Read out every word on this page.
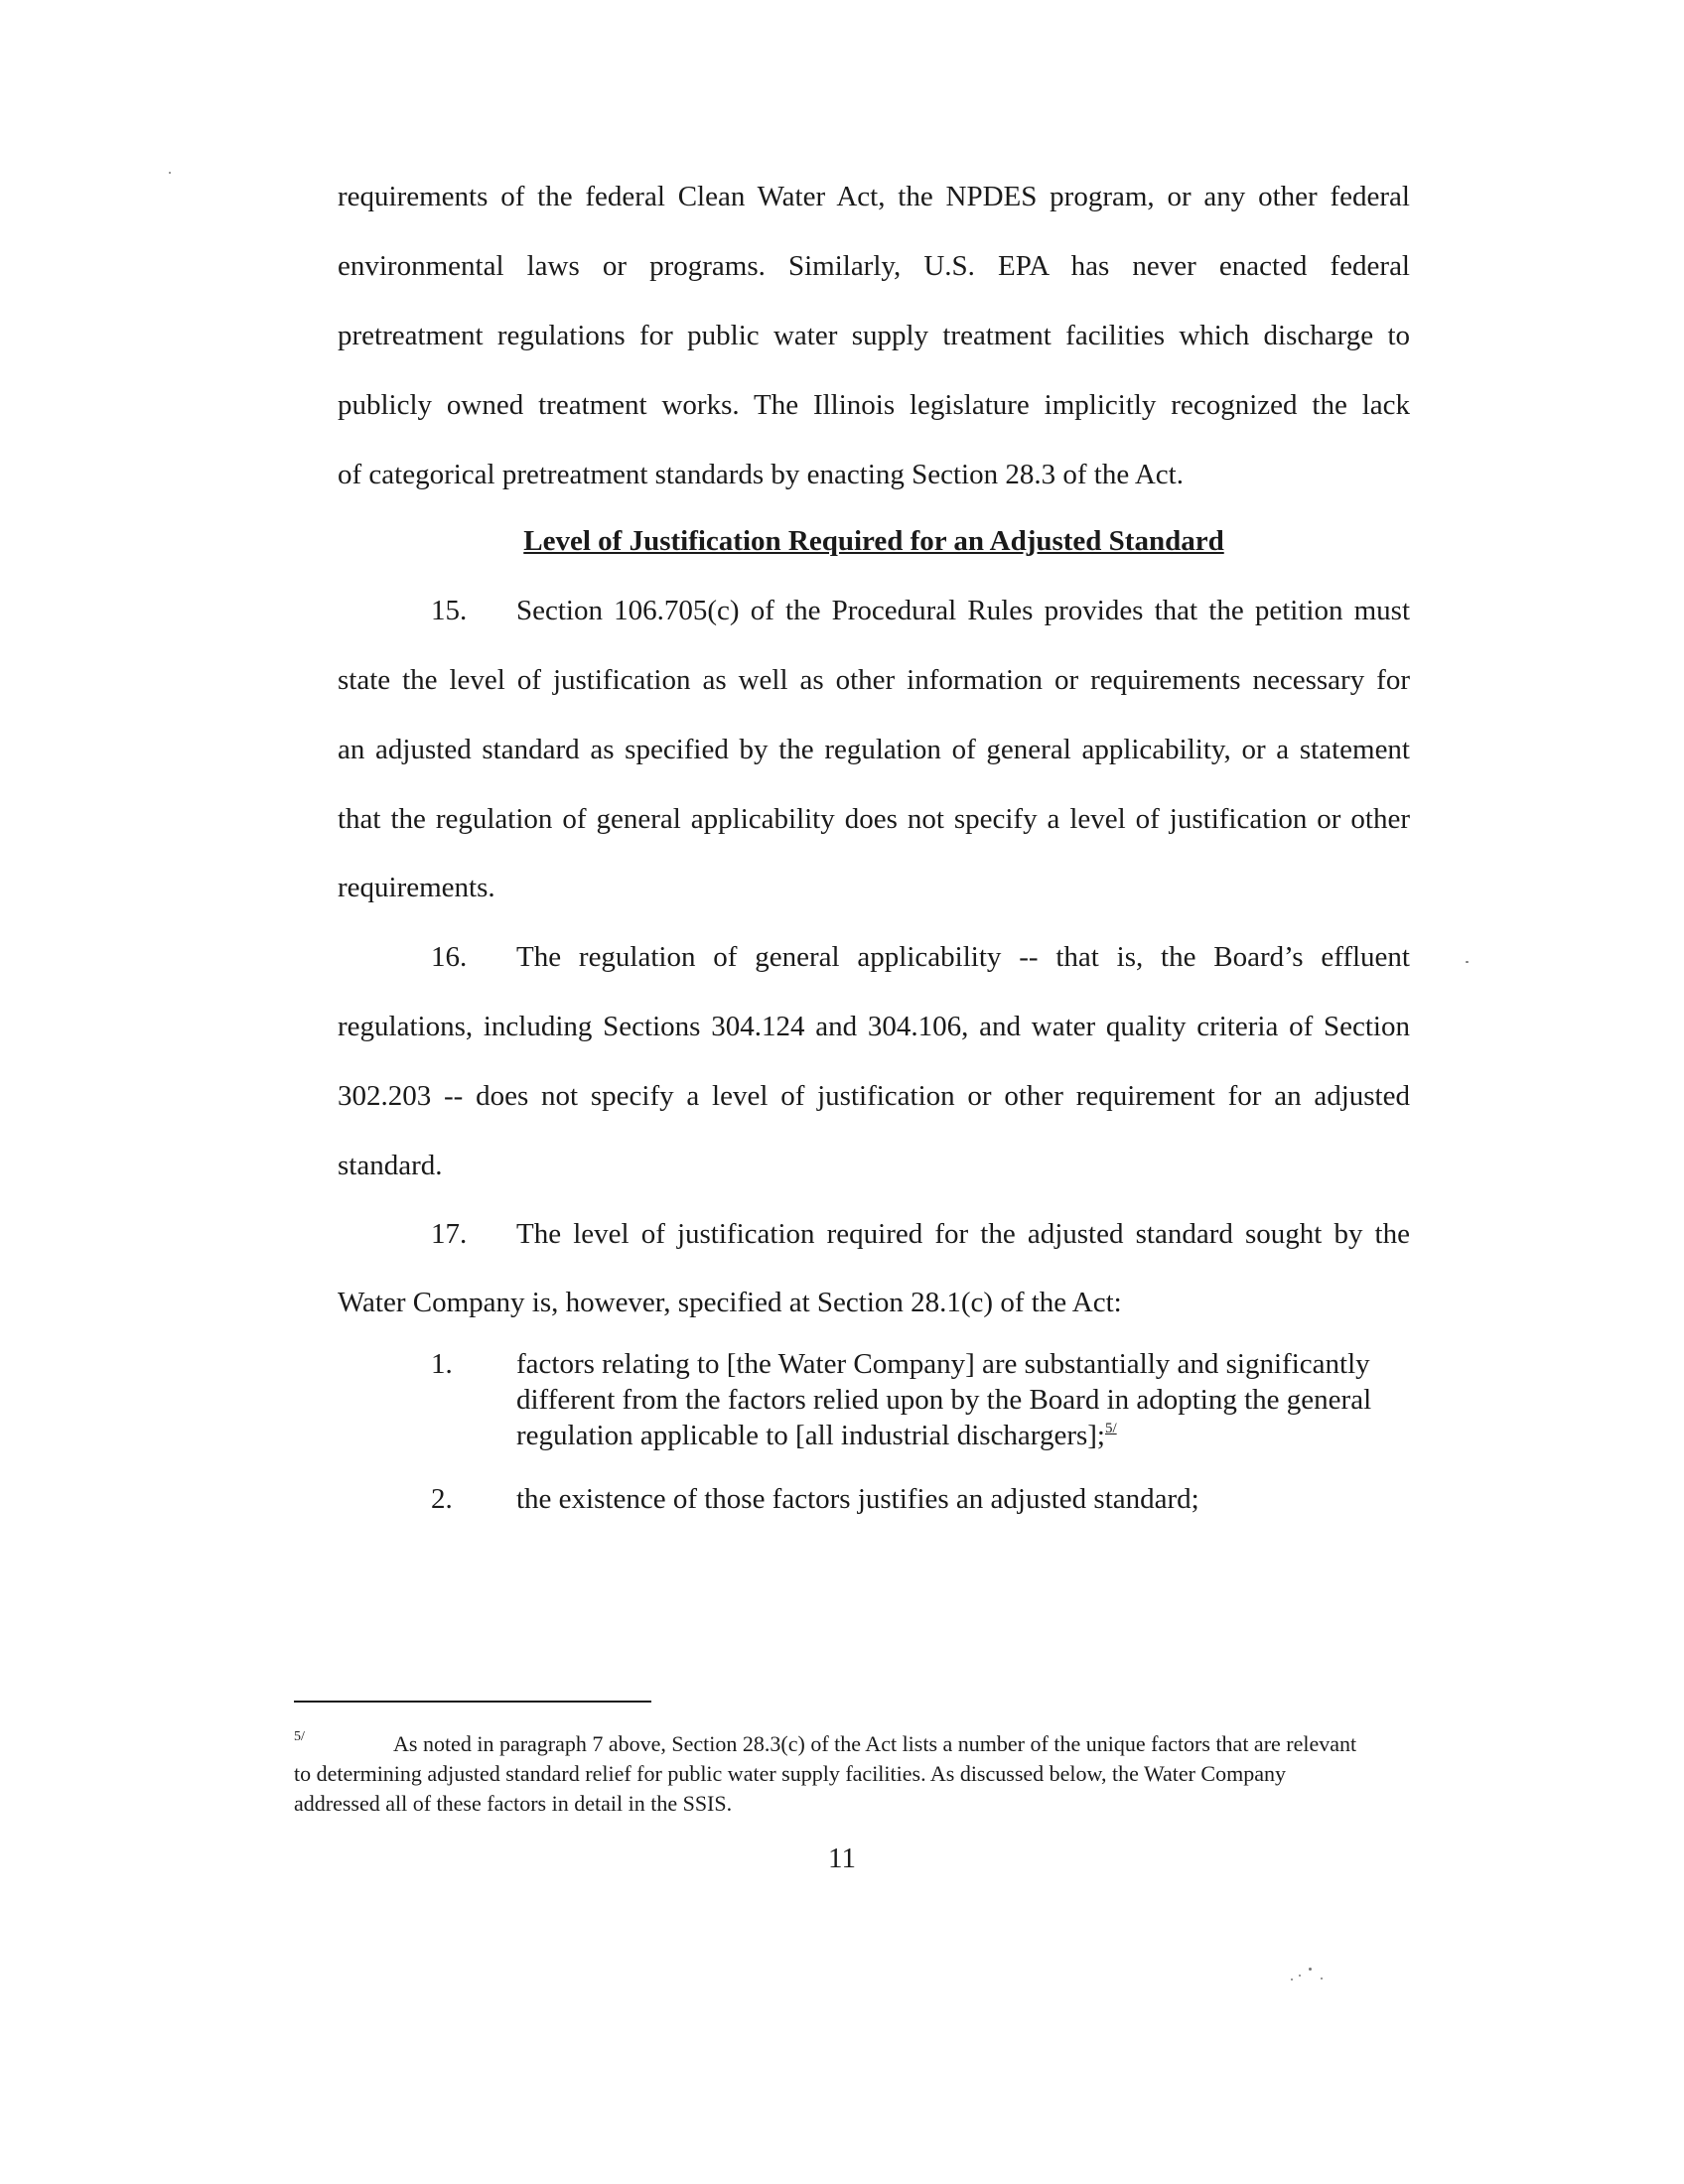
requirements of the federal Clean Water Act, the NPDES program, or any other federal
environmental laws or programs. Similarly, U.S. EPA has never enacted federal
pretreatment regulations for public water supply treatment facilities which discharge to
publicly owned treatment works. The Illinois legislature implicitly recognized the lack
of categorical pretreatment standards by enacting Section 28.3 of the Act.
Level of Justification Required for an Adjusted Standard
15. Section 106.705(c) of the Procedural Rules provides that the petition must
state the level of justification as well as other information or requirements necessary for
an adjusted standard as specified by the regulation of general applicability, or a statement
that the regulation of general applicability does not specify a level of justification or other
requirements.
16. The regulation of general applicability -- that is, the Board’s effluent
regulations, including Sections 304.124 and 304.106, and water quality criteria of Section
302.203 -- does not specify a level of justification or other requirement for an adjusted
standard.
17. The level of justification required for the adjusted standard sought by the
Water Company is, however, specified at Section 28.1(c) of the Act:
1. factors relating to [the Water Company] are substantially and significantly different from the factors relied upon by the Board in adopting the general regulation applicable to [all industrial dischargers];$^{5/}$
2. the existence of those factors justifies an adjusted standard;
5/	As noted in paragraph 7 above, Section 28.3(c) of the Act lists a number of the unique factors that are relevant
to determining adjusted standard relief for public water supply facilities. As discussed below, the Water Company
addressed all of these factors in detail in the SSIS.
11
